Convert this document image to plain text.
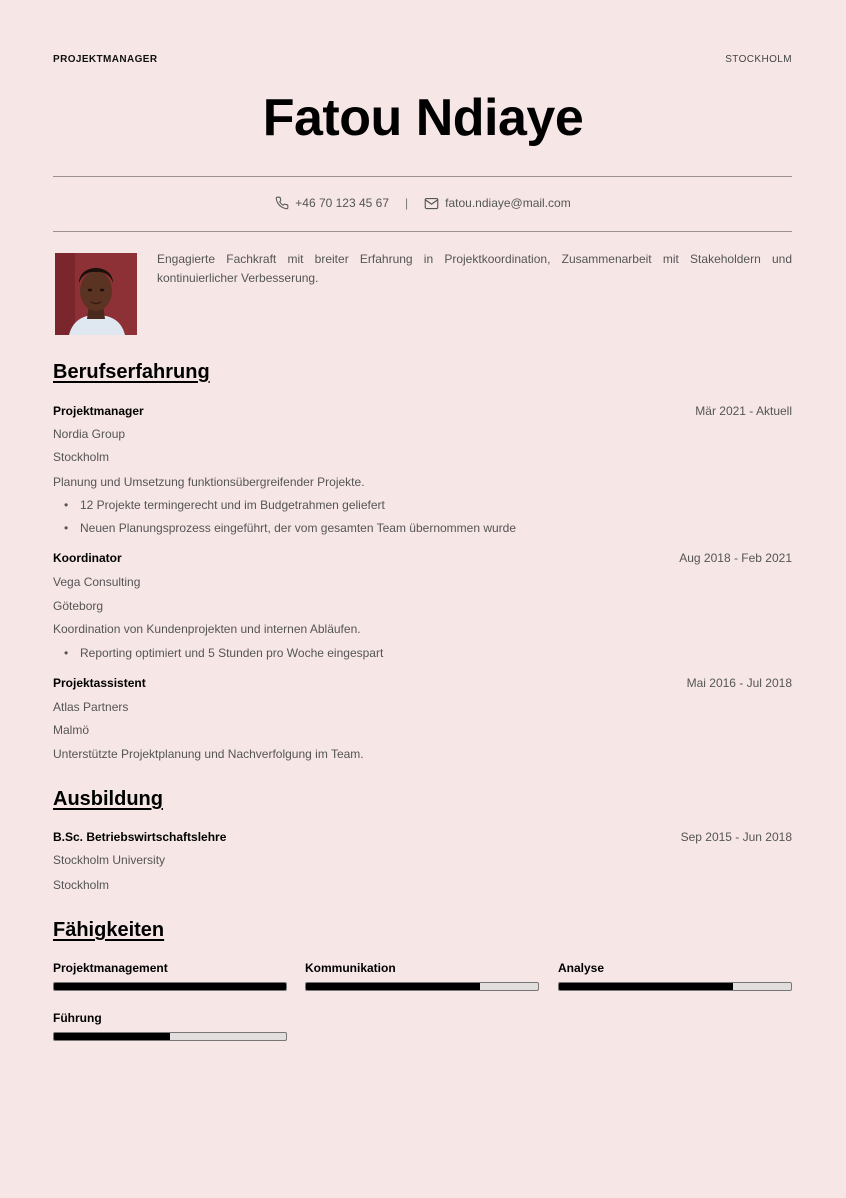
PROJEKTMANAGER	STOCKHOLM
Fatou Ndiaye
+46 70 123 45 67 |	fatou.ndiaye@mail.com
Engagierte Fachkraft mit breiter Erfahrung in Projektkoordination, Zusammenarbeit mit Stakeholdern und kontinuierlicher Verbesserung.
Berufserfahrung
Projektmanager	Mär 2021 - Aktuell
Nordia Group
Stockholm
Planung und Umsetzung funktionsübergreifender Projekte.
• 12 Projekte termingerecht und im Budgetrahmen geliefert
• Neuen Planungsprozess eingeführt, der vom gesamten Team übernommen wurde
Koordinator	Aug 2018 - Feb 2021
Vega Consulting
Göteborg
Koordination von Kundenprojekten und internen Abläufen.
• Reporting optimiert und 5 Stunden pro Woche eingespart
Projektassistent	Mai 2016 - Jul 2018
Atlas Partners
Malmö
Unterstützte Projektplanung und Nachverfolgung im Team.
Ausbildung
B.Sc. Betriebswirtschaftslehre	Sep 2015 - Jun 2018
Stockholm University
Stockholm
Fähigkeiten
Projektmanagement	Kommunikation	Analyse
Führung
